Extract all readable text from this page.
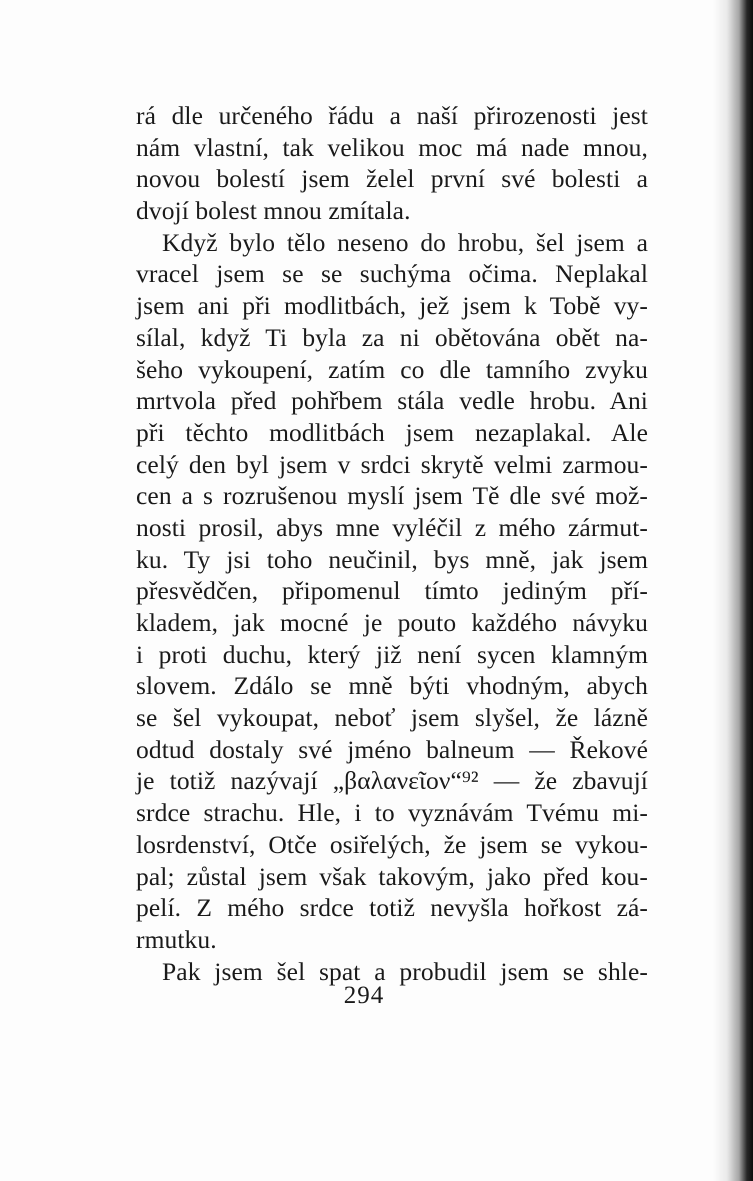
rá dle určeného řádu a naší přirozenosti jest
nám vlastní, tak velikou moc má nade mnou,
novou bolestí jsem želel první své bolesti a
dvojí bolest mnou zmítala.
Když bylo tělo neseno do hrobu, šel jsem a
vracel jsem se se suchýma očima. Neplakal
jsem ani při modlitbách, jež jsem k Tobě vy-
sílal, když Ti byla za ni obětována obět na-
šeho vykoupení, zatím co dle tamního zvyku
mrtvola před pohřbem stála vedle hrobu. Ani
při těchto modlitbách jsem nezaplakal. Ale
celý den byl jsem v srdci skrytě velmi zarmou-
cen a s rozrušenou myslí jsem Tě dle své mož-
nosti prosil, abys mne vyléčil z mého zármut-
ku. Ty jsi toho neučinil, bys mně, jak jsem
přesvědčen, připomenul tímto jediným pří-
kladem, jak mocné je pouto každého návyku
i proti duchu, který již není sycen klamným
slovem. Zdálo se mně býti vhodným, abych
se šel vykoupat, neboť jsem slyšel, že lázně
odtud dostaly své jméno balneum — Řekové
je totiž nazývají „βαλανεῖον“⁹² — že zbavují
srdce strachu. Hle, i to vyznávám Tvému mi-
losrdenství, Otče osiřelých, že jsem se vykou-
pal; zůstal jsem však takovým, jako před kou-
pelí. Z mého srdce totiž nevyšla hořkost zá-
rmutku.
Pak jsem šel spat a probudil jsem se shle-
294
